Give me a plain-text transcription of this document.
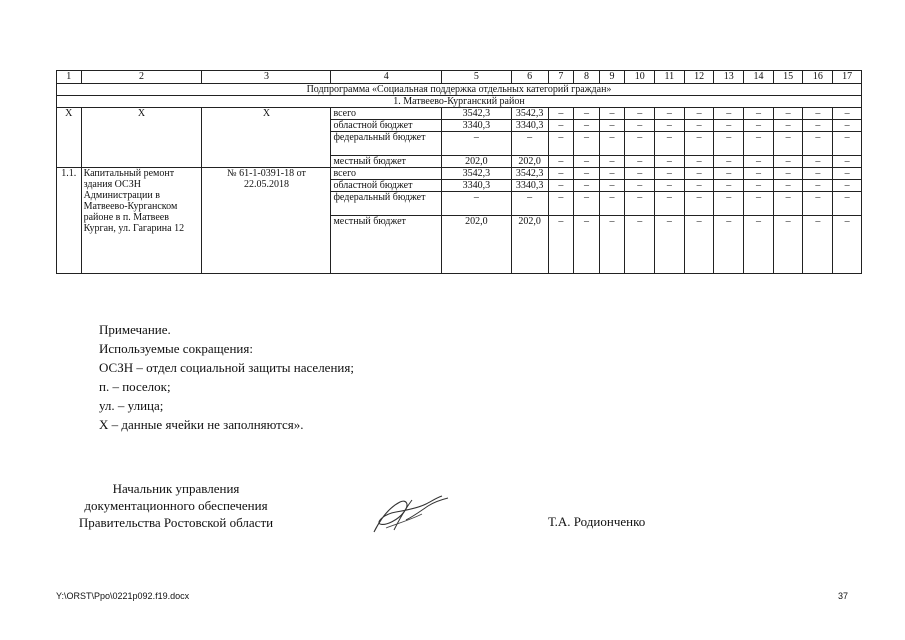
1	2	3	4	5	6	7	8	9	10	11	12	13	14	15	16	17
Подпрограмма «Социальная поддержка отдельных категорий граждан»																
1. Матвеево-Курганский район																
Х	Х	Х	всего	3542,3	3542,3	–	–	–	–	–	–	–	–	–	–	–
			областной бюджет	3340,3	3340,3	–	–	–	–	–	–	–	–	–	–	–
			федеральный бюджет	–	–	–	–	–	–	–	–	–	–	–	–	–
			местный бюджет	202,0	202,0	–	–	–	–	–	–	–	–	–	–	–
1.1.	Капитальный ремонт здания ОСЗН Администрации в Матвеево-Курганском районе в п. Матвеев Курган, ул. Гагарина 12	№ 61-1-0391-18 от 22.05.2018	всего	3542,3	3542,3	–	–	–	–	–	–	–	–	–	–	–
			областной бюджет	3340,3	3340,3	–	–	–	–	–	–	–	–	–	–	–
			федеральный бюджет	–	–	–	–	–	–	–	–	–	–	–	–	–
			местный бюджет	202,0	202,0	–	–	–	–	–	–	–	–	–	–	–
Примечание.
Используемые сокращения:
ОСЗН – отдел социальной защиты населения;
п. – поселок;
ул. – улица;
Х – данные ячейки не заполняются».
Начальник управления
документационного обеспечения
Правительства Ростовской области	Т.А. Родионченко
Y:\ORST\Ppo\0221p092.f19.docx	37
